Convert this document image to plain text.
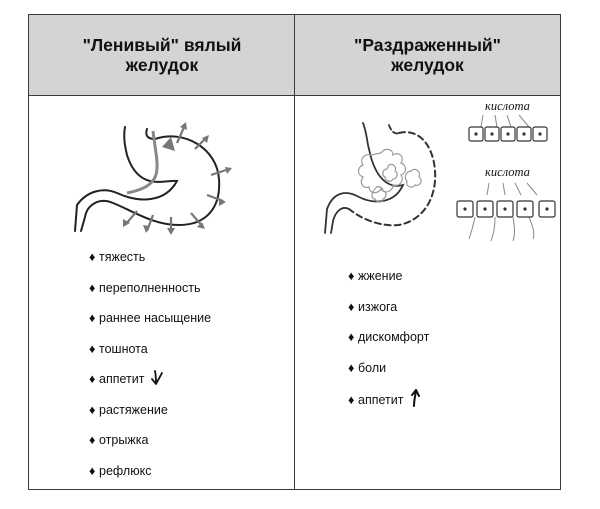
"Ленивый" вялый
желудок
"Раздраженный"
желудок
♦ тяжесть
♦ переполненность
♦ раннее насыщение
♦ тошнота
♦ аппетит
♦ растяжение
♦ отрыжка
♦ рефлюкс
кислота
кислота
♦ жжение
♦ изжога
♦ дискомфорт
♦ боли
♦ аппетит
